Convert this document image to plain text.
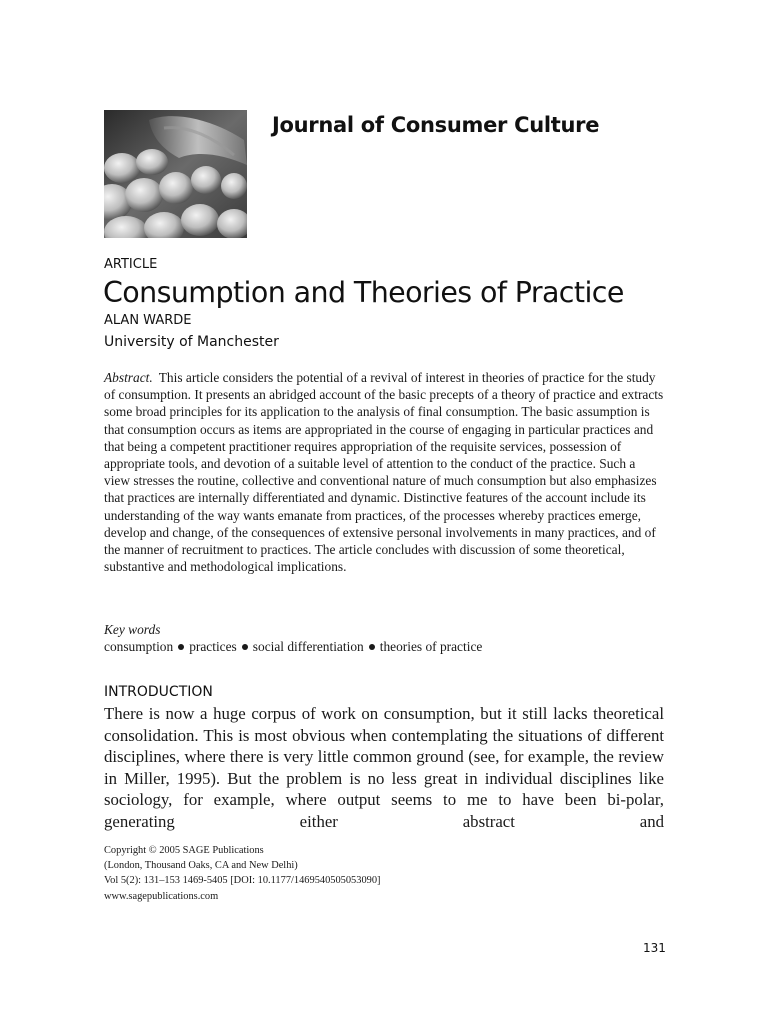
Journal of Consumer Culture
ARTICLE
Consumption and Theories of Practice
ALAN WARDE
University of Manchester

Abstract. This article considers the potential of a revival of interest in theories of practice for the study of consumption. It presents an abridged account of the basic precepts of a theory of practice and extracts some broad principles for its application to the analysis of final consumption. The basic assumption is that consumption occurs as items are appropriated in the course of engaging in particular practices and that being a competent practitioner requires appropriation of the requisite services, possession of appropriate tools, and devotion of a suitable level of attention to the conduct of the practice. Such a view stresses the routine, collective and conventional nature of much consumption but also emphasizes that practices are internally differentiated and dynamic. Distinctive features of the account include its understanding of the way wants emanate from practices, of the processes whereby practices emerge, develop and change, of the consequences of extensive personal involvements in many practices, and of the manner of recruitment to practices. The article concludes with discussion of some theoretical, substantive and methodological implications.

Key words
consumption practices social differentiation theories of practice
INTRODUCTION

There is now a huge corpus of work on consumption, but it still lacks theoretical consolidation. This is most obvious when contemplating the situations of different disciplines, where there is very little common ground (see, for example, the review in Miller, 1995). But the problem is no less great in individual disciplines like sociology, for example, where output seems to me to have been bi-polar, generating either abstract and

Copyright © 2005 SAGE Publications
(London, Thousand Oaks, CA and New Delhi)
Vol 5(2): 131–153 1469-5405 [DOI: 10.1177/1469540505053090]
www.sagepublications.com
131
